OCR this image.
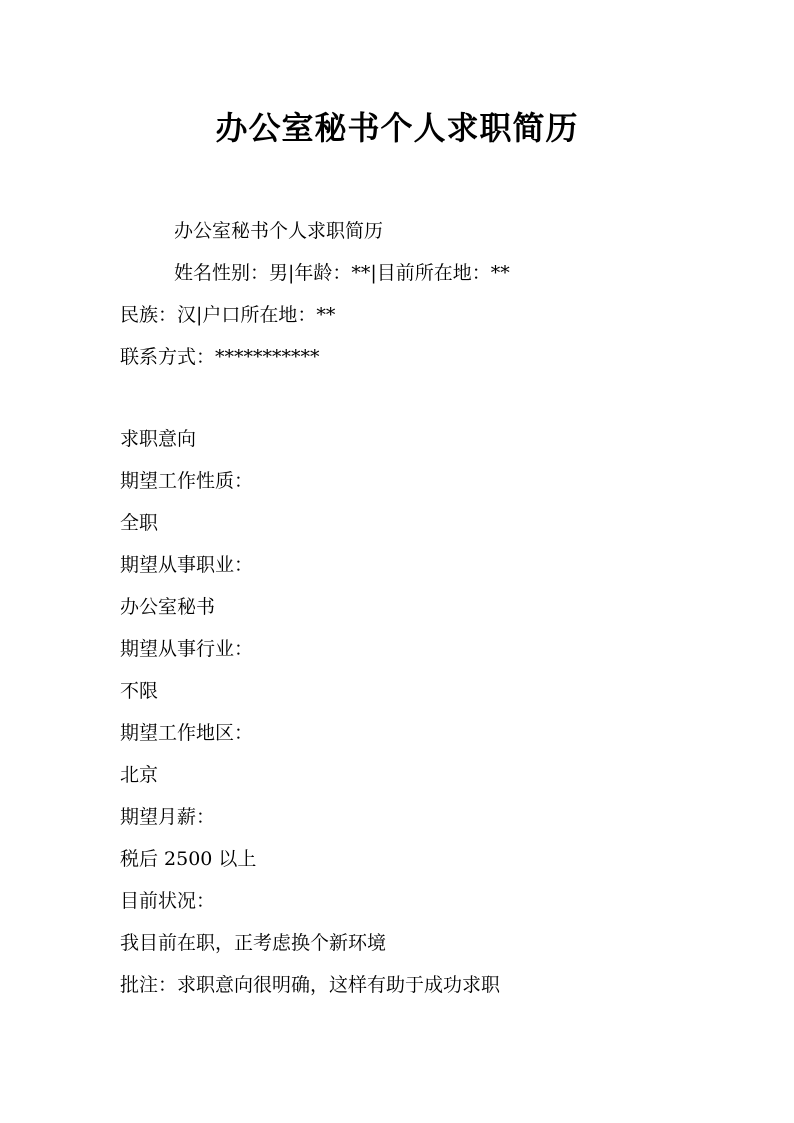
办公室秘书个人求职简历
办公室秘书个人求职简历
姓名性别：男|年龄：**|目前所在地：**
民族：汉|户口所在地：**
联系方式：***********
求职意向
期望工作性质：
全职
期望从事职业：
办公室秘书
期望从事行业：
不限
期望工作地区：
北京
期望月薪：
税后 2500 以上
目前状况：
我目前在职，正考虑换个新环境
批注：求职意向很明确，这样有助于成功求职
